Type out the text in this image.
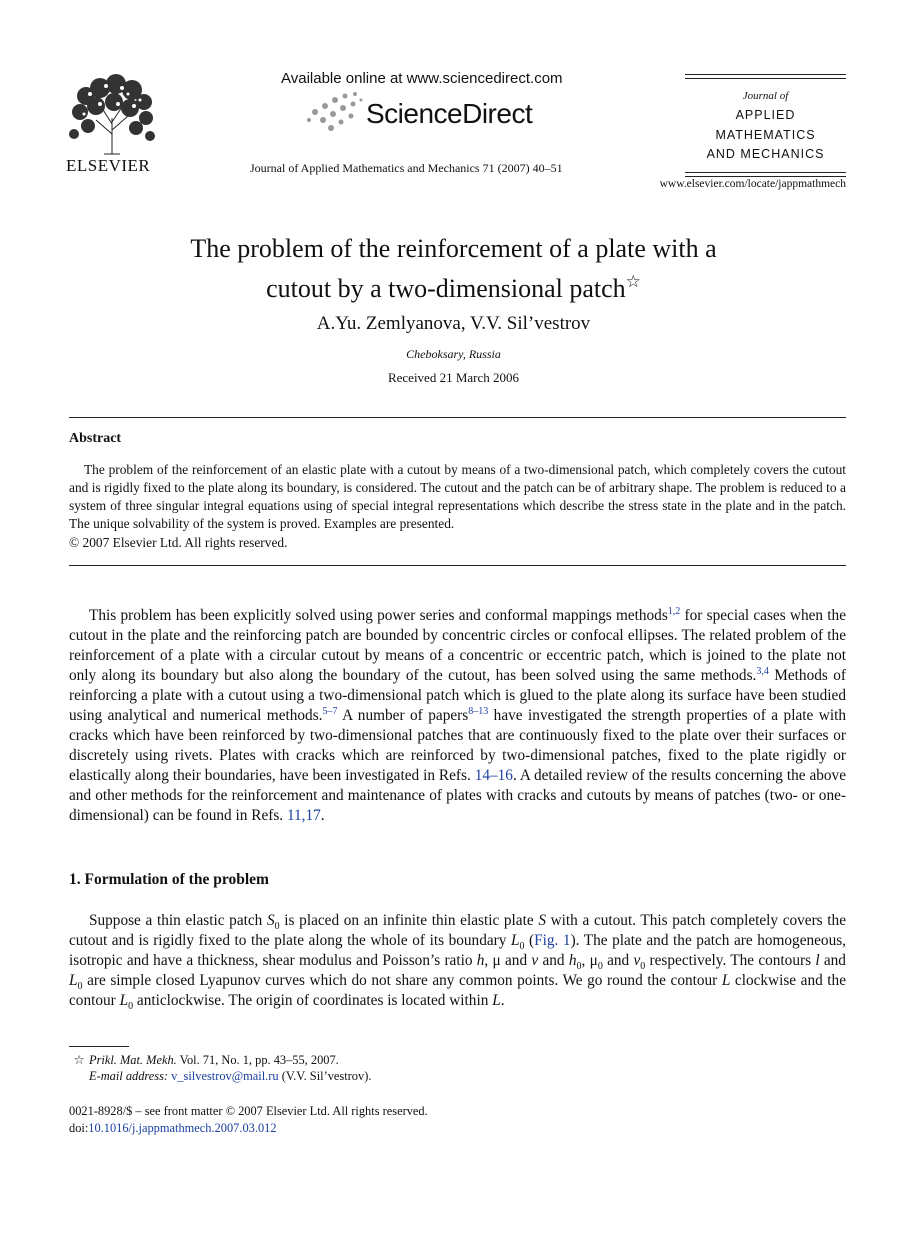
ELSEVIER
Available online at www.sciencedirect.com
ScienceDirect
Journal of Applied Mathematics and Mechanics 71 (2007) 40–51
Journal of
APPLIED
MATHEMATICS
AND MECHANICS
www.elsevier.com/locate/jappmathmech
The problem of the reinforcement of a plate with a
cutout by a two-dimensional patch☆
A.Yu. Zemlyanova, V.V. Sil’vestrov
Cheboksary, Russia
Received 21 March 2006
Abstract
The problem of the reinforcement of an elastic plate with a cutout by means of a two-dimensional patch, which completely covers the cutout and is rigidly fixed to the plate along its boundary, is considered. The cutout and the patch can be of arbitrary shape. The problem is reduced to a system of three singular integral equations using of special integral representations which describe the stress state in the plate and in the patch. The unique solvability of the system is proved. Examples are presented.
© 2007 Elsevier Ltd. All rights reserved.
This problem has been explicitly solved using power series and conformal mappings methods$^{1,2}$ for special cases when the cutout in the plate and the reinforcing patch are bounded by concentric circles or confocal ellipses. The related problem of the reinforcement of a plate with a circular cutout by means of a concentric or eccentric patch, which is joined to the plate not only along its boundary but also along the boundary of the cutout, has been solved using the same methods.$^{3,4}$ Methods of reinforcing a plate with a cutout using a two-dimensional patch which is glued to the plate along its surface have been studied using analytical and numerical methods.$^{5-7}$ A number of papers$^{8-13}$ have investigated the strength properties of a plate with cracks which have been reinforced by two-dimensional patches that are continuously fixed to the plate over their surfaces or discretely using rivets. Plates with cracks which are reinforced by two-dimensional patches, fixed to the plate rigidly or elastically along their boundaries, have been investigated in Refs. 14–16. A detailed review of the results concerning the above and other methods for the reinforcement and maintenance of plates with cracks and cutouts by means of patches (two- or one-dimensional) can be found in Refs. 11,17.
1. Formulation of the problem
Suppose a thin elastic patch $S_0$ is placed on an infinite thin elastic plate S with a cutout. This patch completely covers the cutout and is rigidly fixed to the plate along the whole of its boundary $L_0$ (Fig. 1). The plate and the patch are homogeneous, isotropic and have a thickness, shear modulus and Poisson’s ratio h, μ and ν and $h_0$, $\mu_0$ and $\nu_0$ respectively. The contours l and $L_0$ are simple closed Lyapunov curves which do not share any common points. We go round the contour L clockwise and the contour $L_0$ anticlockwise. The origin of coordinates is located within L.
☆ Prikl. Mat. Mekh. Vol. 71, No. 1, pp. 43–55, 2007.
E-mail address: v_silvestrov@mail.ru (V.V. Sil’vestrov).
0021-8928/$ – see front matter © 2007 Elsevier Ltd. All rights reserved.
doi:10.1016/j.jappmathmech.2007.03.012
